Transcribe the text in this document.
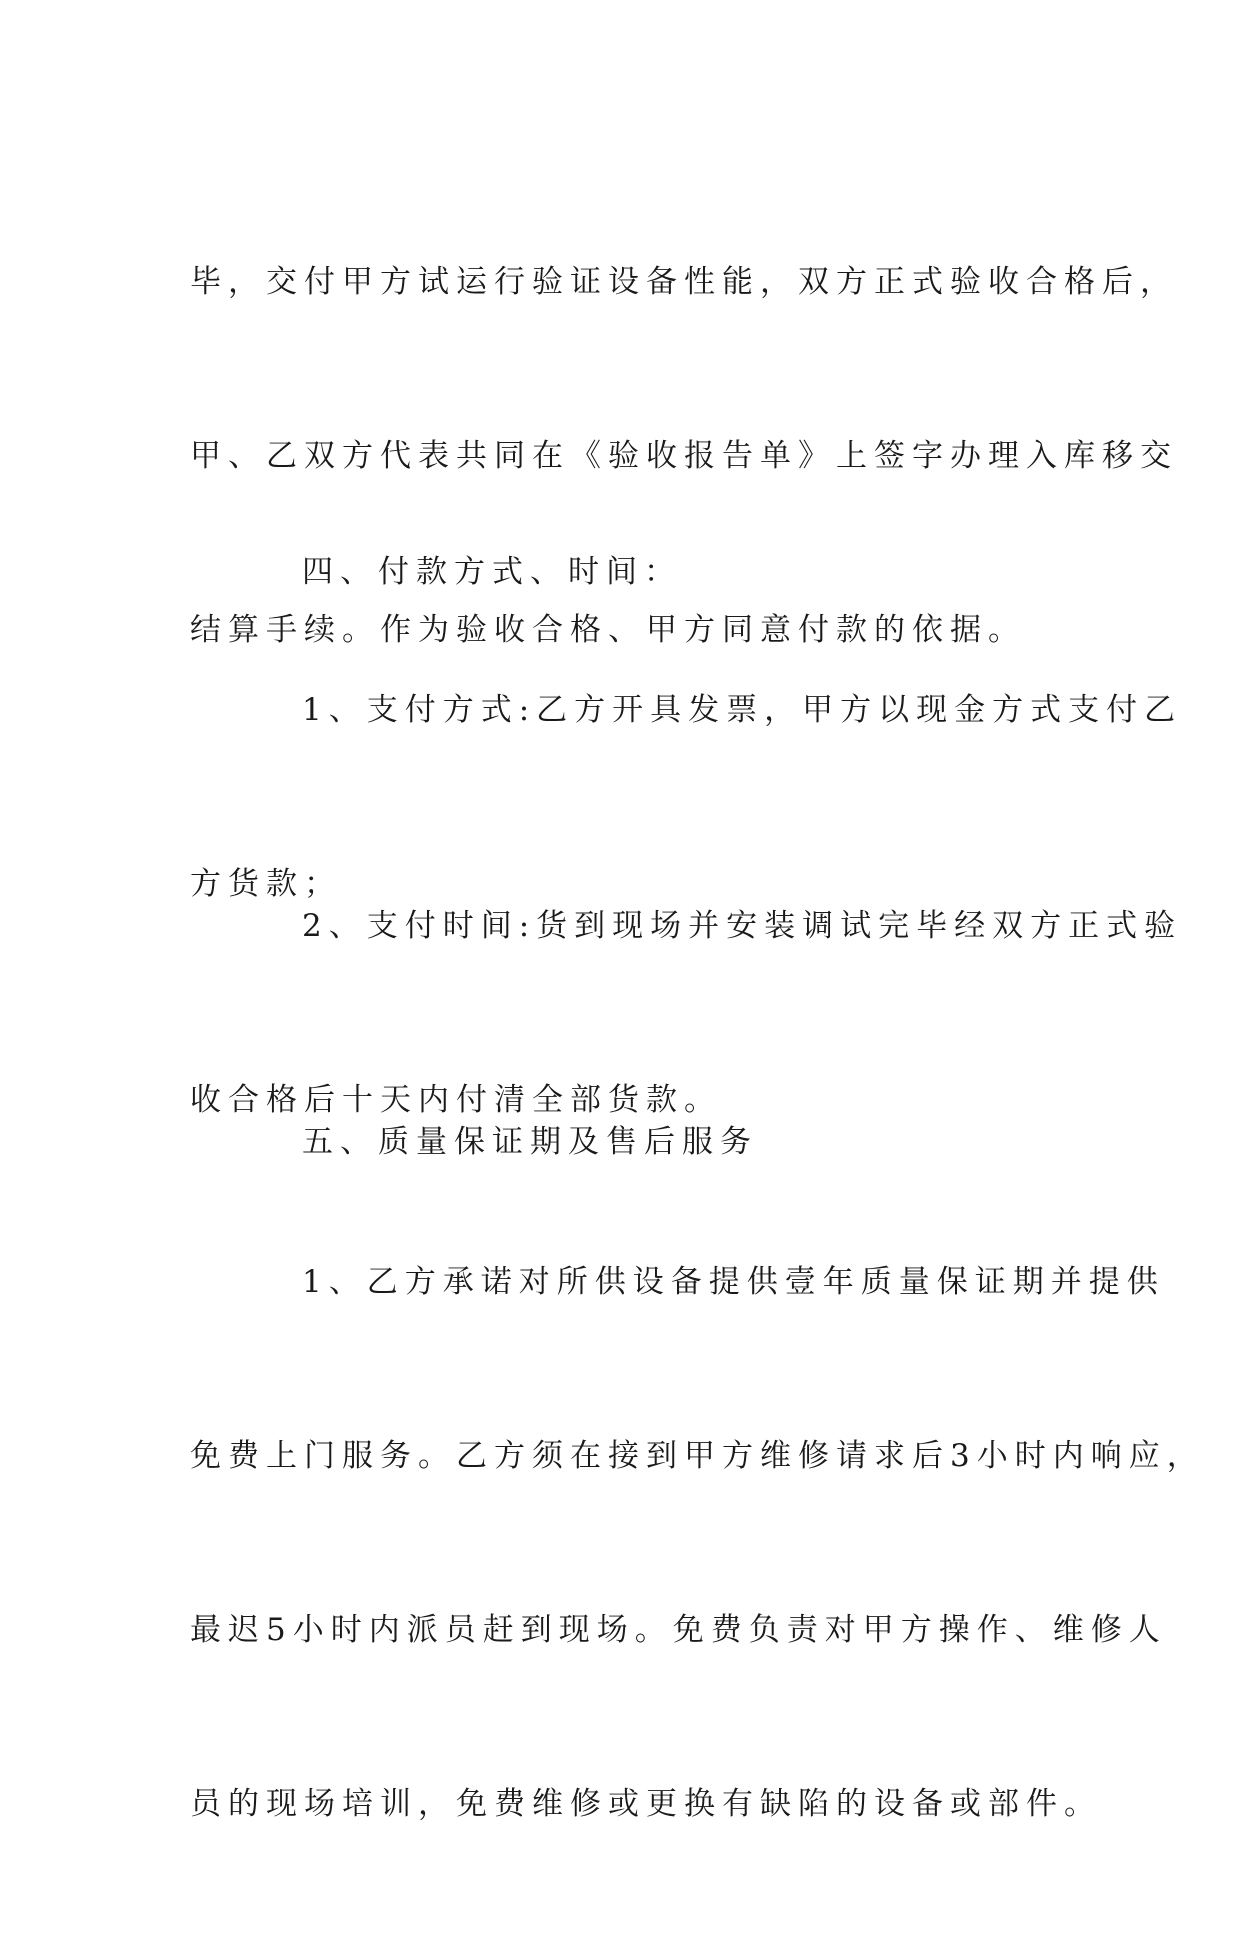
毕，交付甲方试运行验证设备性能，双方正式验收合格后，

甲、乙双方代表共同在《验收报告单》上签字办理入库移交

结算手续。作为验收合格、甲方同意付款的依据。

四、付款方式、时间：

1、支付方式:乙方开具发票，甲方以现金方式支付乙

方货款；

2、支付时间:货到现场并安装调试完毕经双方正式验

收合格后十天内付清全部货款。

五、质量保证期及售后服务

1、乙方承诺对所供设备提供壹年质量保证期并提供

免费上门服务。乙方须在接到甲方维修请求后3小时内响应，

最迟5小时内派员赶到现场。免费负责对甲方操作、维修人

员的现场培训，免费维修或更换有缺陷的设备或部件。
